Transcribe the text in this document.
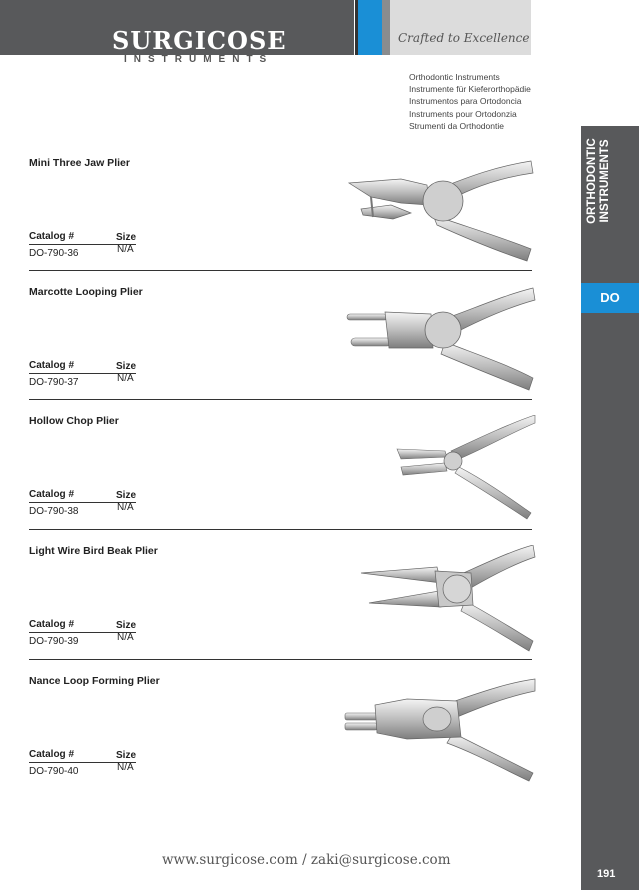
SURGICOSE
INSTRUMENTS
Crafted to Excellence
Orthodontic Instruments
Instrumente für Kieferorthopädie
Instrumentos para Ortodoncia
Instruments pour Ortodonzia
Strumenti da Orthodontie
ORTHODONTIC INSTRUMENTS
DO
191
Mini Three Jaw Plier
Catalog #	Size
DO-790-36	N/A
Marcotte Looping Plier
Catalog #	Size
DO-790-37	N/A
Hollow Chop Plier
Catalog #	Size
DO-790-38	N/A
Light Wire Bird Beak Plier
Catalog #	Size
DO-790-39	N/A
Nance Loop Forming Plier
Catalog #	Size
DO-790-40	N/A
www.surgicose.com / zaki@surgicose.com
